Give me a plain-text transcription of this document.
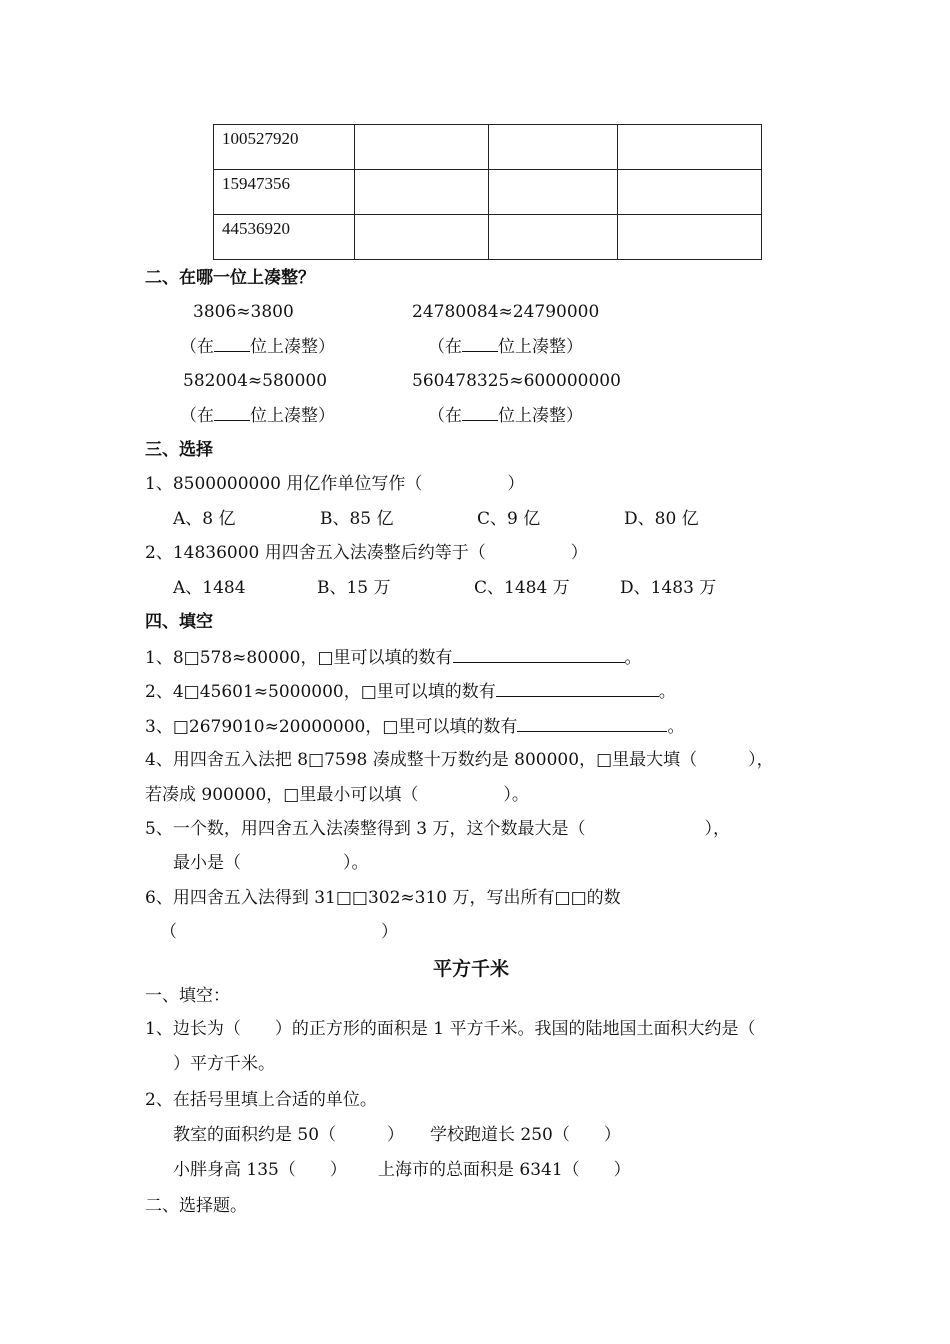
100527920			
15947356			
44536920			
二、在哪一位上凑整？
3806≈3800	24780084≈24790000
（在 位上凑整）	（在 位上凑整）
582004≈580000	560478325≈600000000
（在 位上凑整）	（在 位上凑整）
三、选择
1、8500000000 用亿作单位写作（　　　　　）
A、8 亿	B、85 亿	C、9 亿	D、80 亿
2、14836000 用四舍五入法凑整后约等于（　　　　　）
A、1484	B、15 万	C、1484 万	D、1483 万
四、填空
1、8□578≈80000，□里可以填的数有	。
2、4□45601≈5000000，□里可以填的数有	。
3、□2679010≈20000000，□里可以填的数有	。
4、用四舍五入法把 8□7598 凑成整十万数约是 800000，□里最大填（　　　），
若凑成 900000，□里最小可以填（　　　　　）。
5、一个数，用四舍五入法凑整得到 3 万，这个数最大是（　　　　　　　），
最小是（　　　　　　）。
6、用四舍五入法得到 31□□302≈310 万，写出所有□□的数
（　　　　　　　　　　　　）
平方千米
一、填空：
1、边长为（　　）的正方形的面积是 1 平方千米。我国的陆地国土面积大约是（
）平方千米。
2、在括号里填上合适的单位。
教室的面积约是 50（　　　） 学校跑道长 250（　　）
小胖身高 135（　　） 上海市的总面积是 6341（　　）
二、选择题。
